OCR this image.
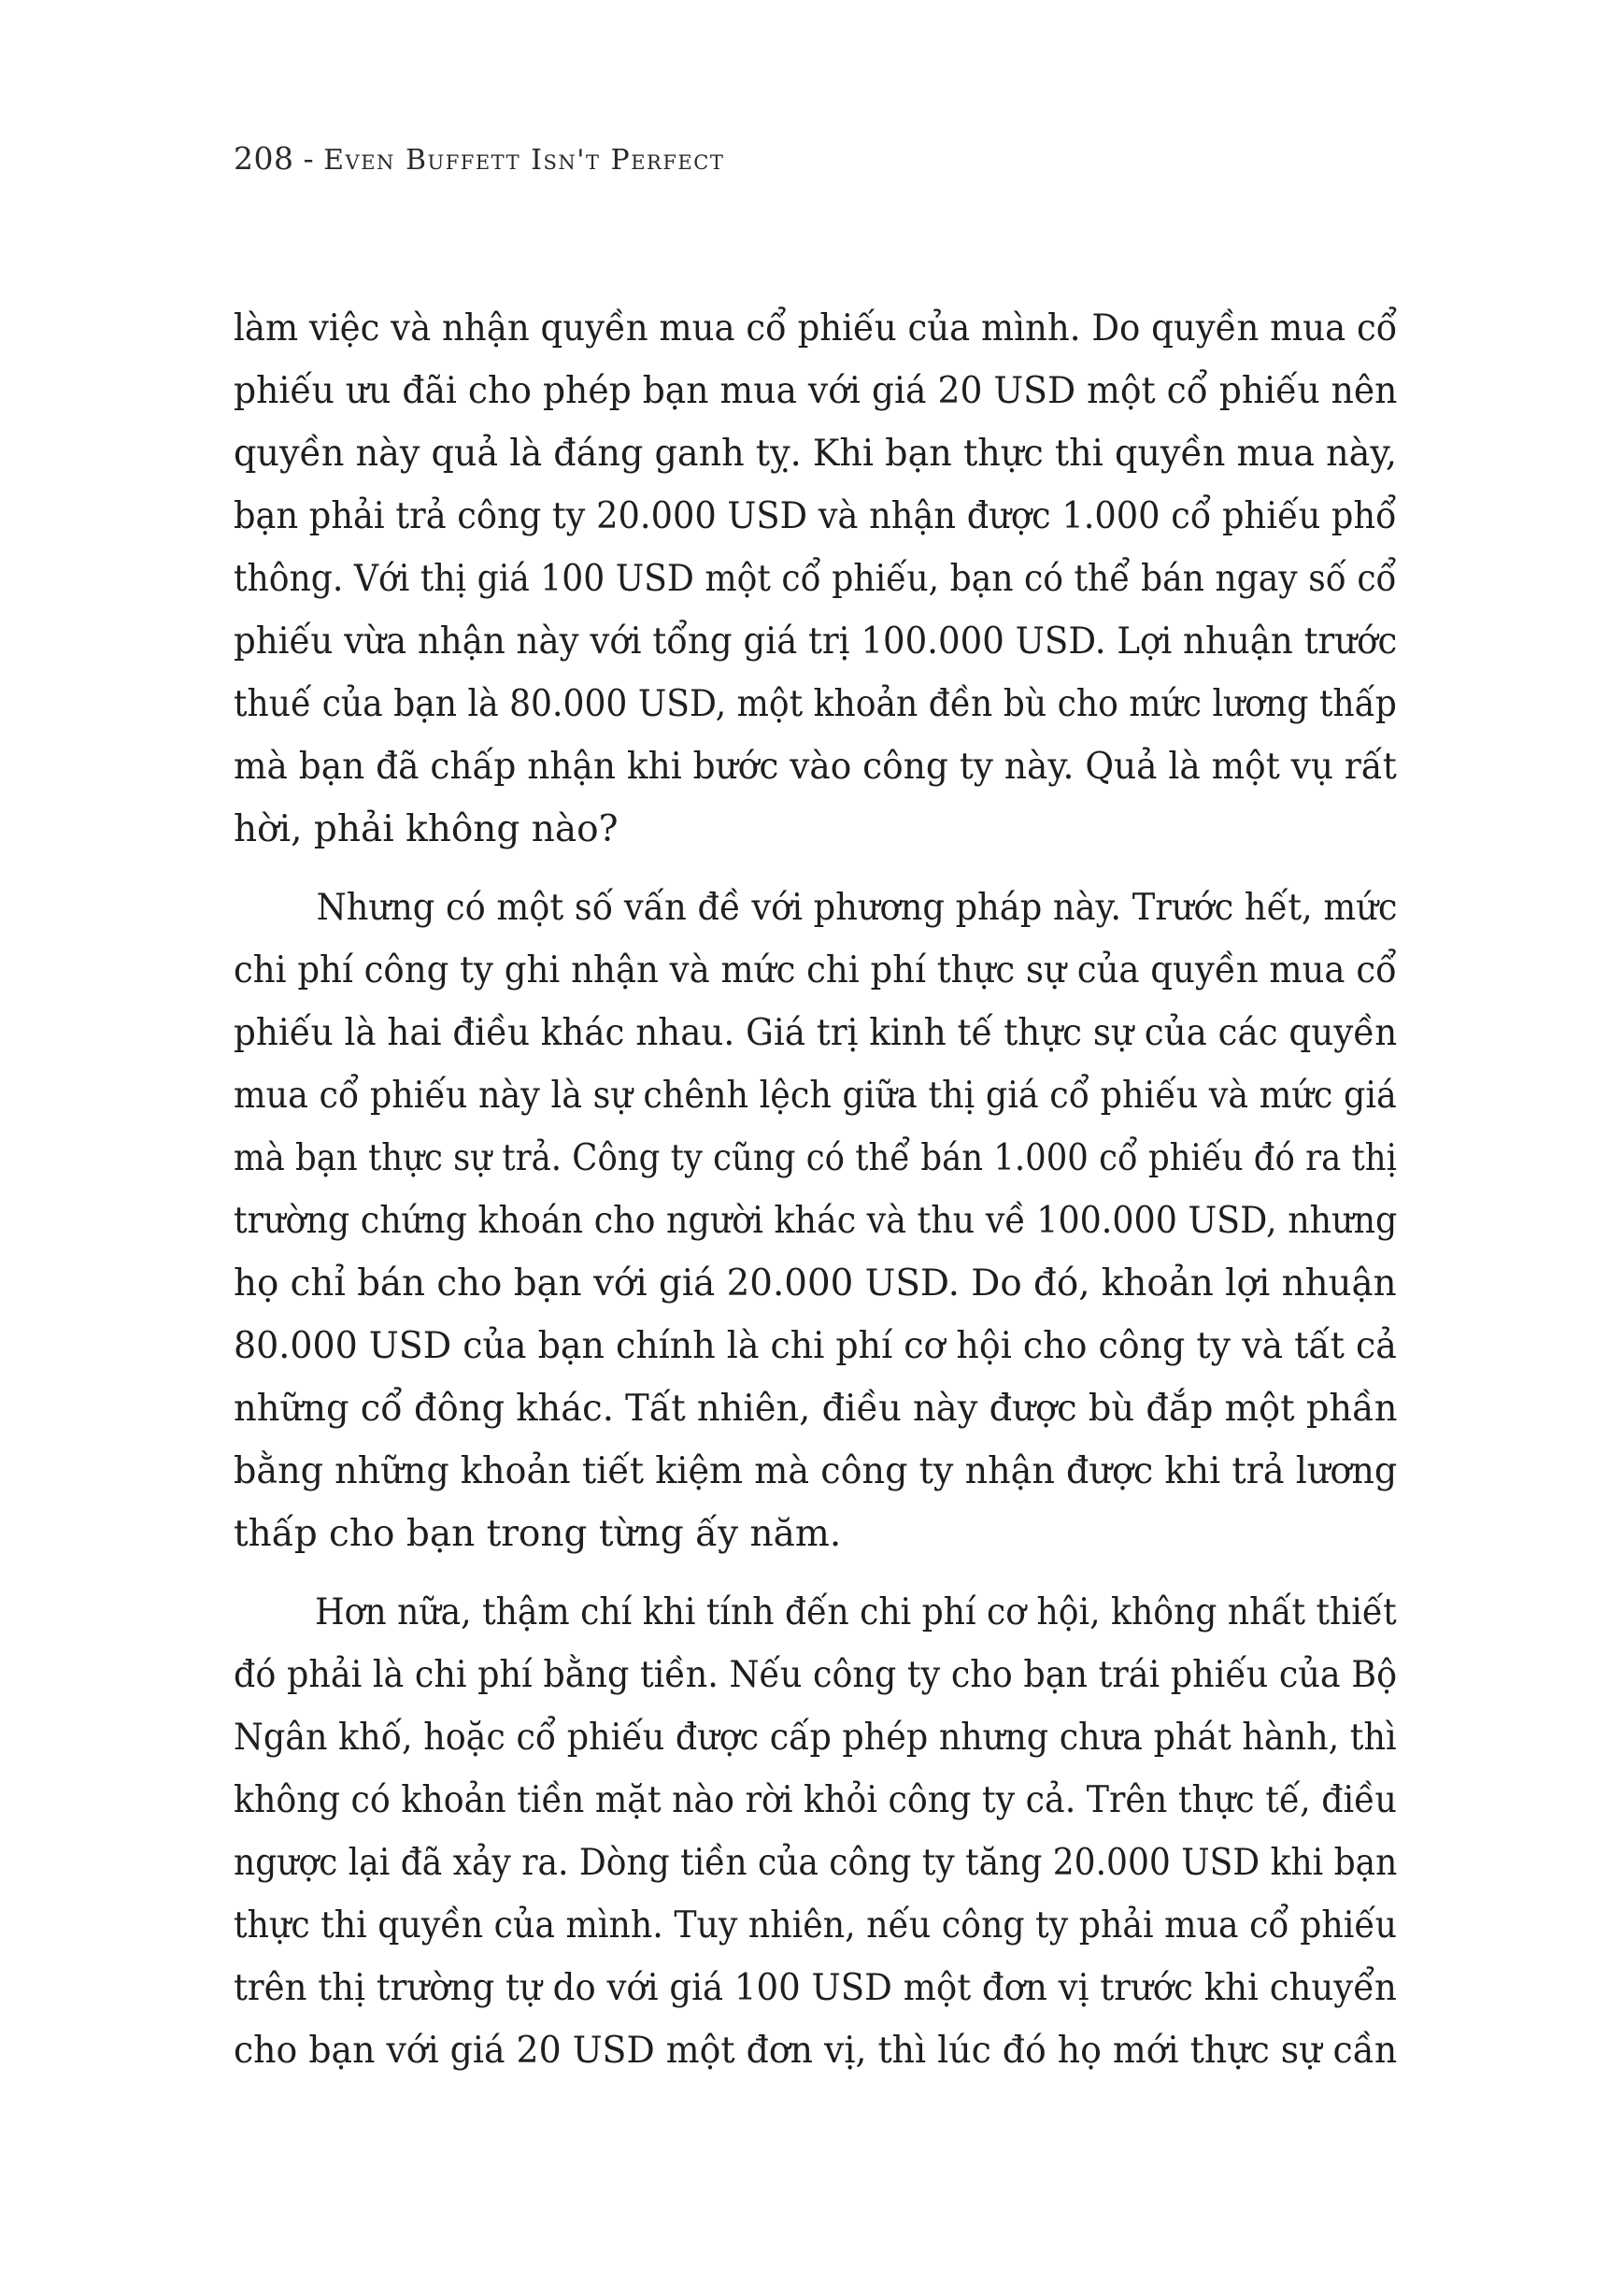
208 - Even Buffett Isn't Perfect

làm việc và nhận quyền mua cổ phiếu của mình. Do quyền mua cổ
phiếu ưu đãi cho phép bạn mua với giá 20 USD một cổ phiếu nên
quyền này quả là đáng ganh tỵ. Khi bạn thực thi quyền mua này,
bạn phải trả công ty 20.000 USD và nhận được 1.000 cổ phiếu phổ
thông. Với thị giá 100 USD một cổ phiếu, bạn có thể bán ngay số cổ
phiếu vừa nhận này với tổng giá trị 100.000 USD. Lợi nhuận trước
thuế của bạn là 80.000 USD, một khoản đền bù cho mức lương thấp
mà bạn đã chấp nhận khi bước vào công ty này. Quả là một vụ rất
hời, phải không nào?

Nhưng có một số vấn đề với phương pháp này. Trước hết, mức
chi phí công ty ghi nhận và mức chi phí thực sự của quyền mua cổ
phiếu là hai điều khác nhau. Giá trị kinh tế thực sự của các quyền
mua cổ phiếu này là sự chênh lệch giữa thị giá cổ phiếu và mức giá
mà bạn thực sự trả. Công ty cũng có thể bán 1.000 cổ phiếu đó ra thị
trường chứng khoán cho người khác và thu về 100.000 USD, nhưng
họ chỉ bán cho bạn với giá 20.000 USD. Do đó, khoản lợi nhuận
80.000 USD của bạn chính là chi phí cơ hội cho công ty và tất cả
những cổ đông khác. Tất nhiên, điều này được bù đắp một phần
bằng những khoản tiết kiệm mà công ty nhận được khi trả lương
thấp cho bạn trong từng ấy năm.

Hơn nữa, thậm chí khi tính đến chi phí cơ hội, không nhất thiết
đó phải là chi phí bằng tiền. Nếu công ty cho bạn trái phiếu của Bộ
Ngân khố, hoặc cổ phiếu được cấp phép nhưng chưa phát hành, thì
không có khoản tiền mặt nào rời khỏi công ty cả. Trên thực tế, điều
ngược lại đã xảy ra. Dòng tiền của công ty tăng 20.000 USD khi bạn
thực thi quyền của mình. Tuy nhiên, nếu công ty phải mua cổ phiếu
trên thị trường tự do với giá 100 USD một đơn vị trước khi chuyển
cho bạn với giá 20 USD một đơn vị, thì lúc đó họ mới thực sự cần
